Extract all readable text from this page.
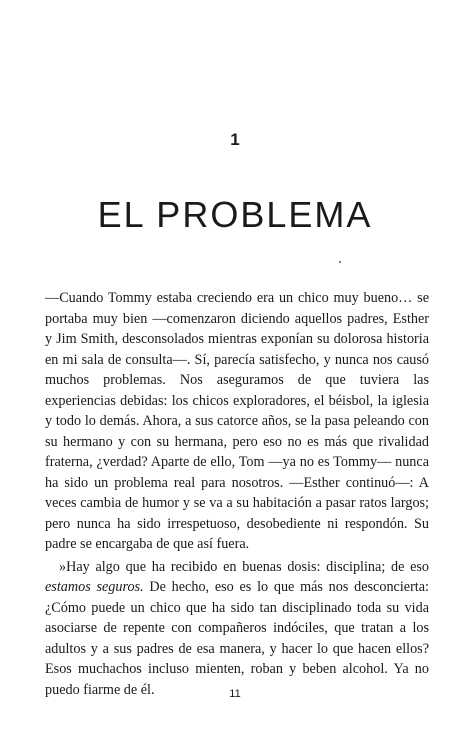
1
EL PROBLEMA

—Cuando Tommy estaba creciendo era un chico muy bueno… se portaba muy bien —comenzaron diciendo aquellos padres, Esther y Jim Smith, desconsolados mientras exponían su dolorosa historia en mi sala de consulta—. Sí, parecía satisfecho, y nunca nos causó muchos problemas. Nos aseguramos de que tuviera las experiencias debidas: los chicos exploradores, el béisbol, la iglesia y todo lo demás. Ahora, a sus catorce años, se la pasa peleando con su hermano y con su hermana, pero eso no es más que rivalidad fraterna, ¿verdad? Aparte de ello, Tom —ya no es Tommy— nunca ha sido un problema real para nosotros. —Esther continuó—: A veces cambia de humor y se va a su habitación a pasar ratos largos; pero nunca ha sido irrespetuoso, desobediente ni respondón. Su padre se encargaba de que así fuera.

»Hay algo que ha recibido en buenas dosis: disciplina; de eso estamos seguros. De hecho, eso es lo que más nos desconcierta: ¿Cómo puede un chico que ha sido tan disciplinado toda su vida asociarse de repente con compañeros indóciles, que tratan a los adultos y a sus padres de esa manera, y hacer lo que hacen ellos? Esos muchachos incluso mienten, roban y beben alcohol. Ya no puedo fiarme de él.	11
